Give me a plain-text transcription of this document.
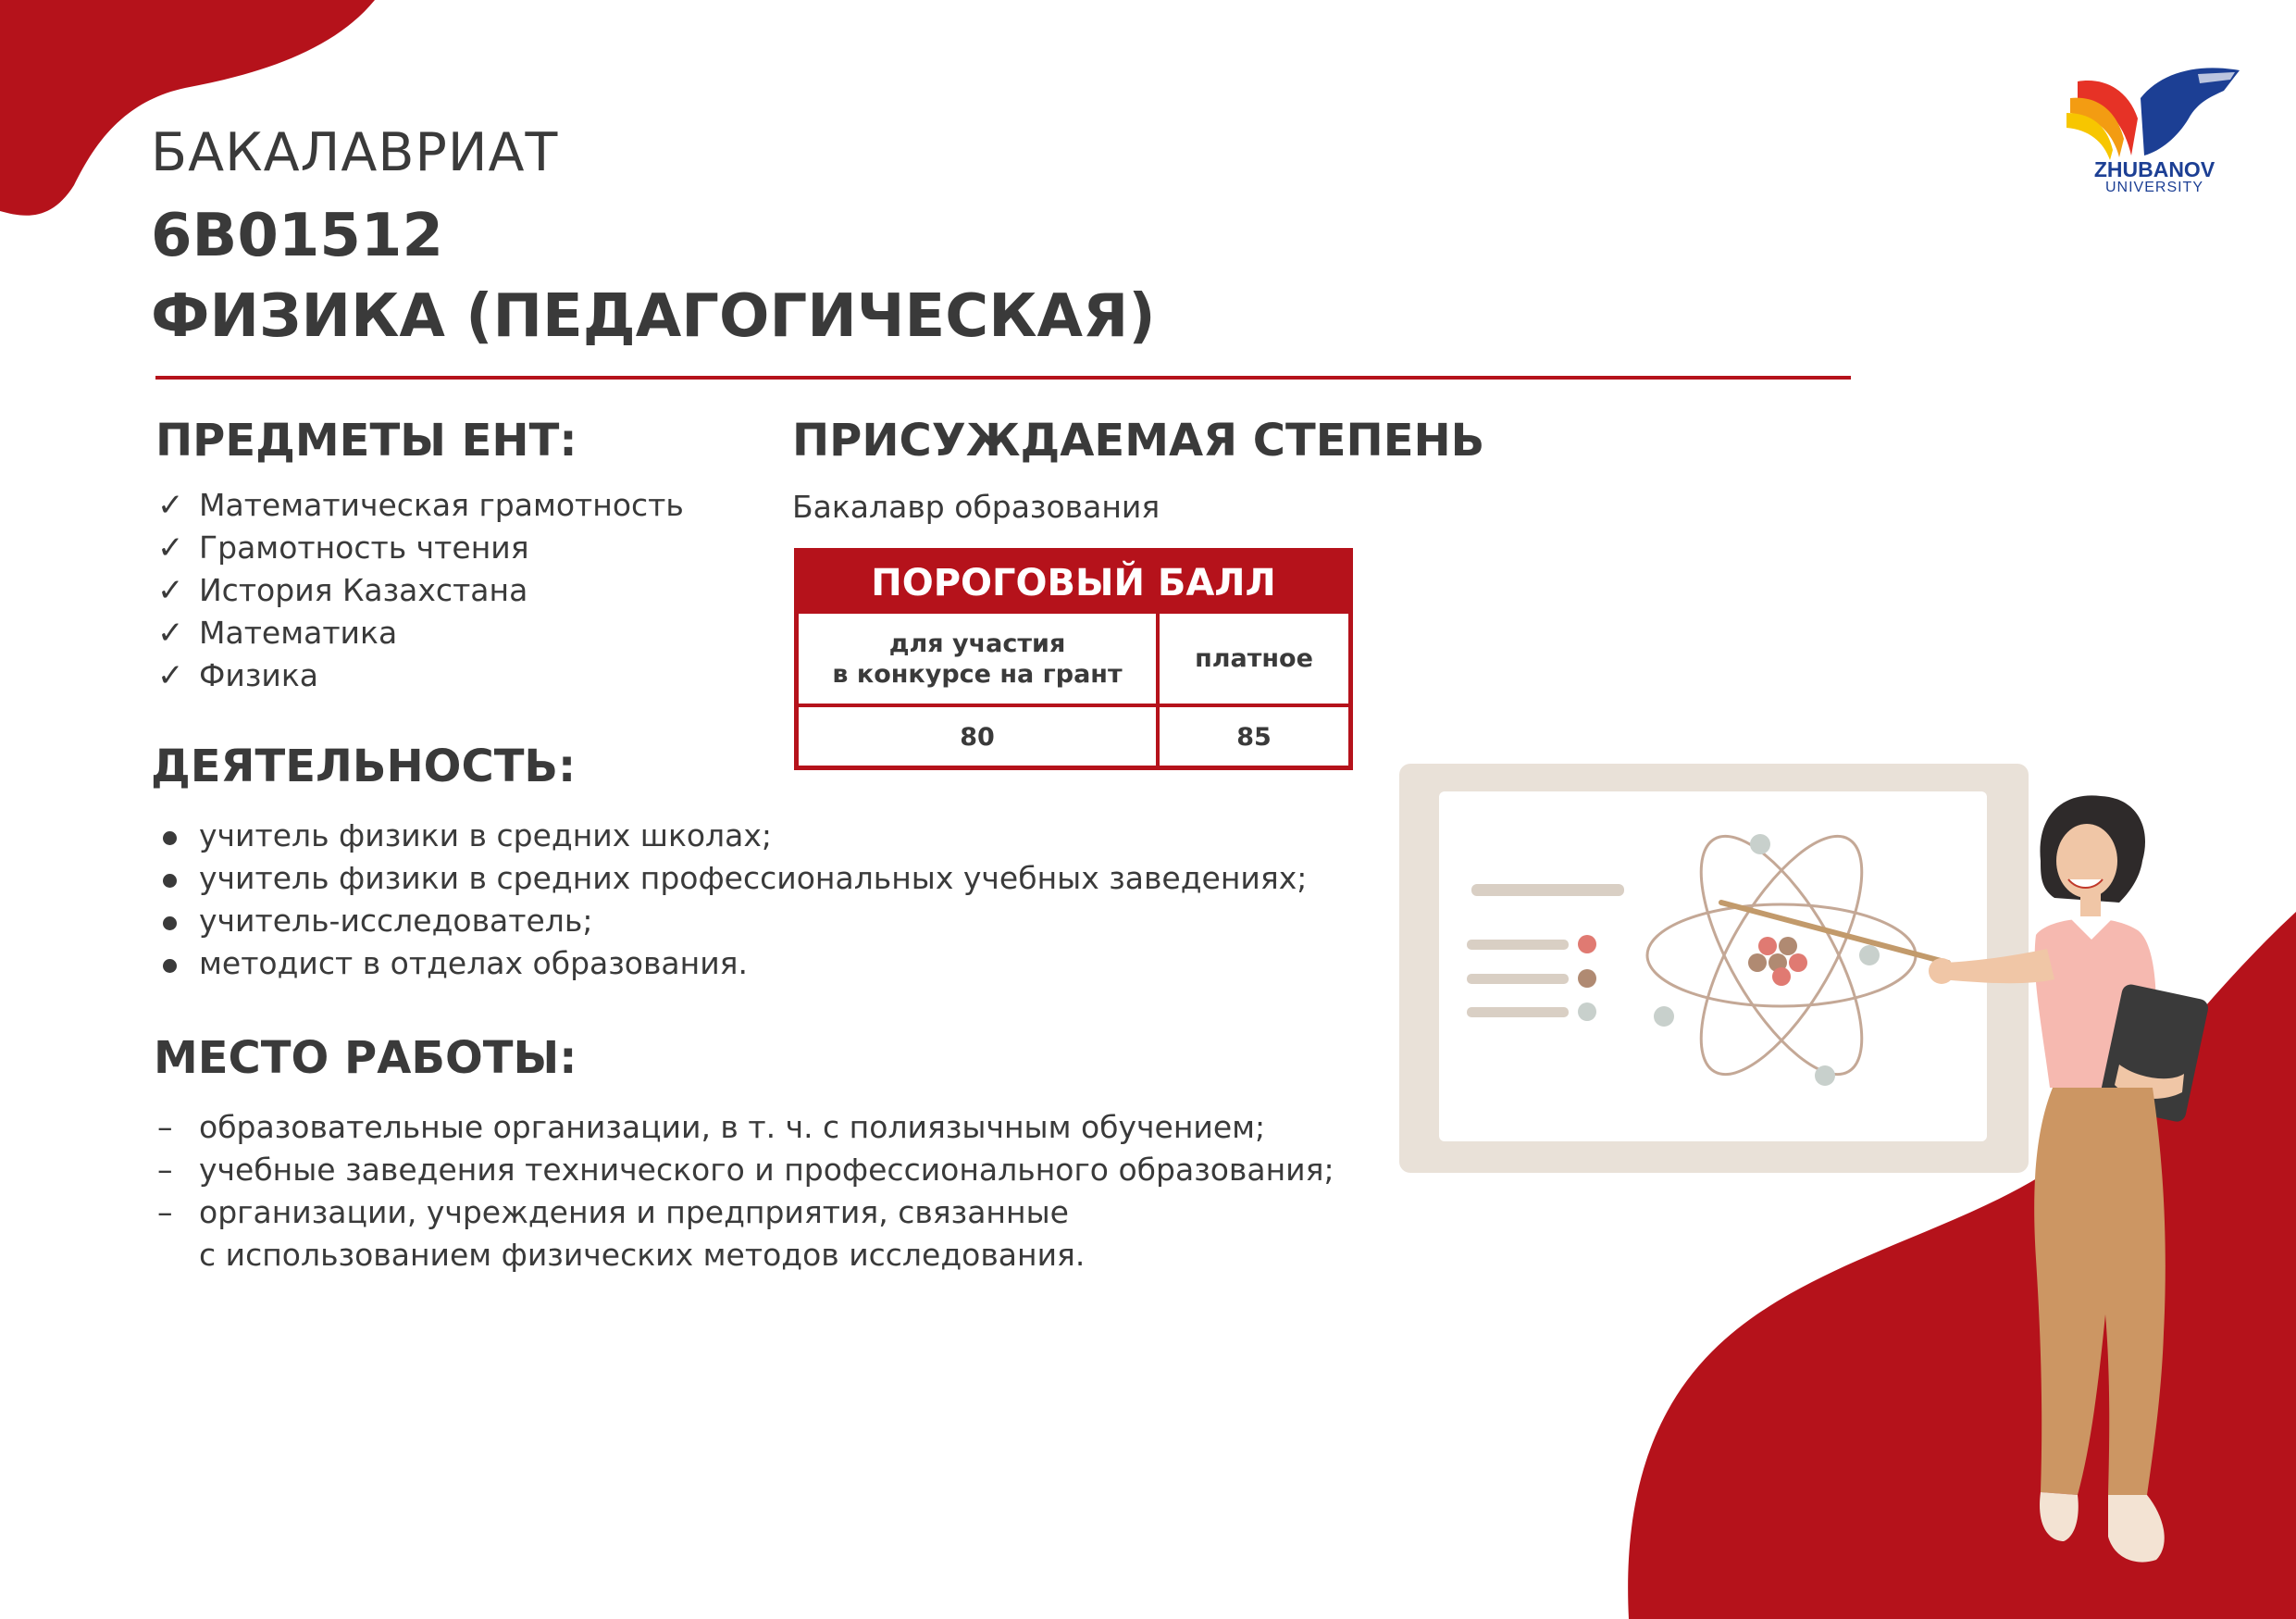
БАКАЛАВРИАТ
6B01512
ФИЗИКА (ПЕДАГОГИЧЕСКАЯ)
ZHUBANOV
UNIVERSITY
ПРЕДМЕТЫ ЕНТ:
✓ Математическая грамотность
✓ Грамотность чтения
✓ История Казахстана
✓ Математика
✓ Физика
ПРИСУЖДАЕМАЯ СТЕПЕНЬ
Бакалавр образования
ПОРОГОВЫЙ БАЛЛ
для участия
в конкурсе на грант
платное
80	85
ДЕЯТЕЛЬНОСТЬ:
учитель физики в средних школах;
учитель физики в средних профессиональных учебных заведениях;
учитель-исследователь;
методист в отделах образования.
МЕСТО РАБОТЫ:
– образовательные организации, в т. ч. с полиязычным обучением;
– учебные заведения технического и профессионального образования;
– организации, учреждения и предприятия, связанные
с использованием физических методов исследования.
